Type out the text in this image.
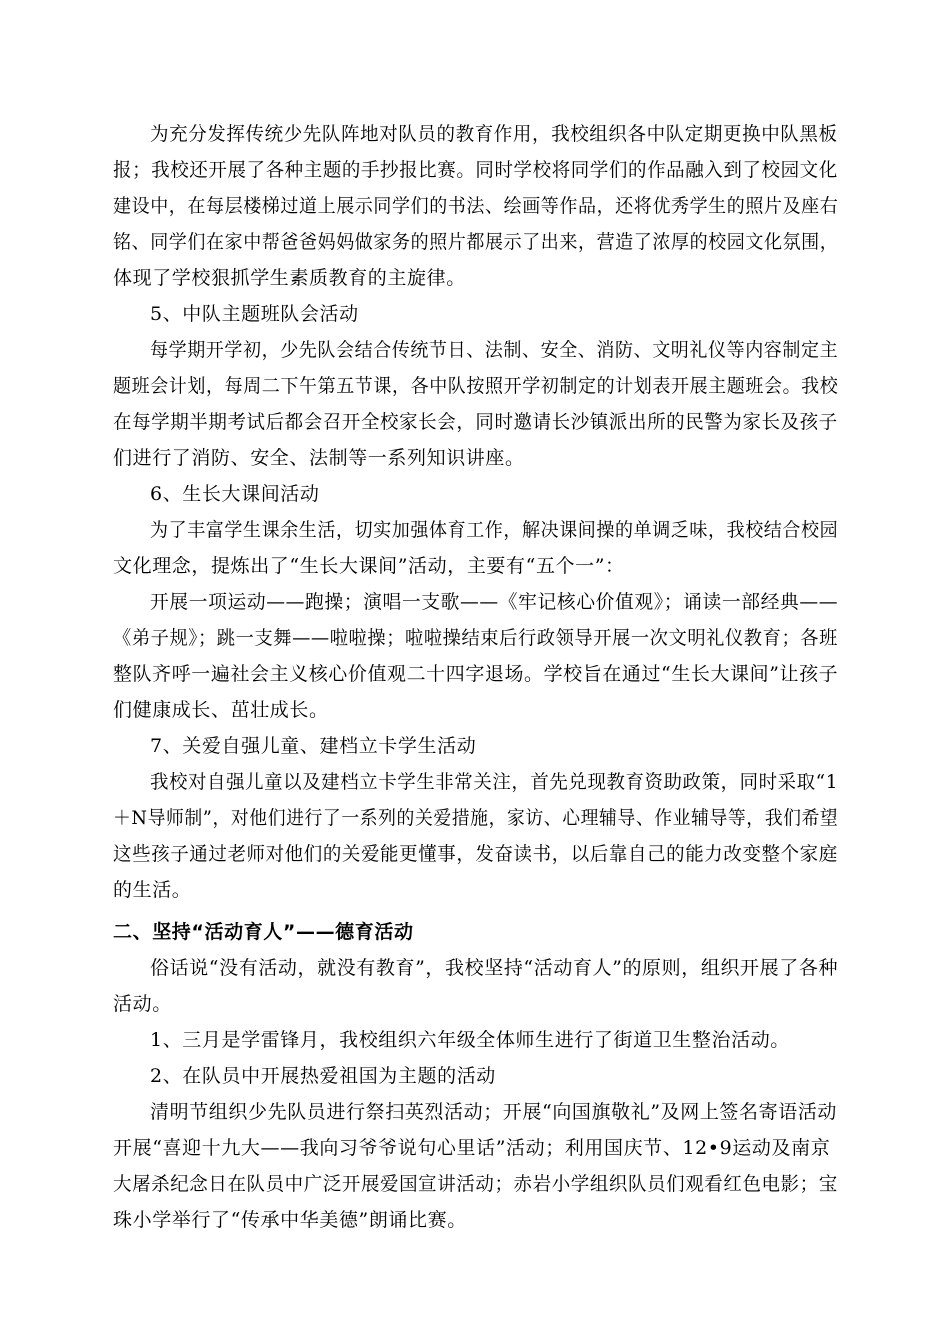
为充分发挥传统少先队阵地对队员的教育作用，我校组织各中队定期更换中队黑板
报；我校还开展了各种主题的手抄报比赛。同时学校将同学们的作品融入到了校园文化
建设中，在每层楼梯过道上展示同学们的书法、绘画等作品，还将优秀学生的照片及座右
铭、同学们在家中帮爸爸妈妈做家务的照片都展示了出来，营造了浓厚的校园文化氛围，
体现了学校狠抓学生素质教育的主旋律。
5、中队主题班队会活动
每学期开学初，少先队会结合传统节日、法制、安全、消防、文明礼仪等内容制定主
题班会计划，每周二下午第五节课，各中队按照开学初制定的计划表开展主题班会。我校
在每学期半期考试后都会召开全校家长会，同时邀请长沙镇派出所的民警为家长及孩子
们进行了消防、安全、法制等一系列知识讲座。
6、生长大课间活动
为了丰富学生课余生活，切实加强体育工作，解决课间操的单调乏味，我校结合校园
文化理念，提炼出了“生长大课间”活动，主要有“五个一”：
开展一项运动——跑操；演唱一支歌——《牢记核心价值观》；诵读一部经典——
《弟子规》；跳一支舞——啦啦操；啦啦操结束后行政领导开展一次文明礼仪教育；各班
整队齐呼一遍社会主义核心价值观二十四字退场。学校旨在通过“生长大课间”让孩子
们健康成长、茁壮成长。
7、关爱自强儿童、建档立卡学生活动
我校对自强儿童以及建档立卡学生非常关注，首先兑现教育资助政策，同时采取“1
＋N导师制”，对他们进行了一系列的关爱措施，家访、心理辅导、作业辅导等，我们希望
这些孩子通过老师对他们的关爱能更懂事，发奋读书，以后靠自己的能力改变整个家庭
的生活。
二、坚持“活动育人”——德育活动
俗话说“没有活动，就没有教育”，我校坚持“活动育人”的原则，组织开展了各种
活动。
1、三月是学雷锋月，我校组织六年级全体师生进行了街道卫生整治活动。
2、在队员中开展热爱祖国为主题的活动
清明节组织少先队员进行祭扫英烈活动；开展“向国旗敬礼”及网上签名寄语活动
开展“喜迎十九大——我向习爷爷说句心里话”活动；利用国庆节、12•9运动及南京
大屠杀纪念日在队员中广泛开展爱国宣讲活动；赤岩小学组织队员们观看红色电影；宝
珠小学举行了“传承中华美德”朗诵比赛。
